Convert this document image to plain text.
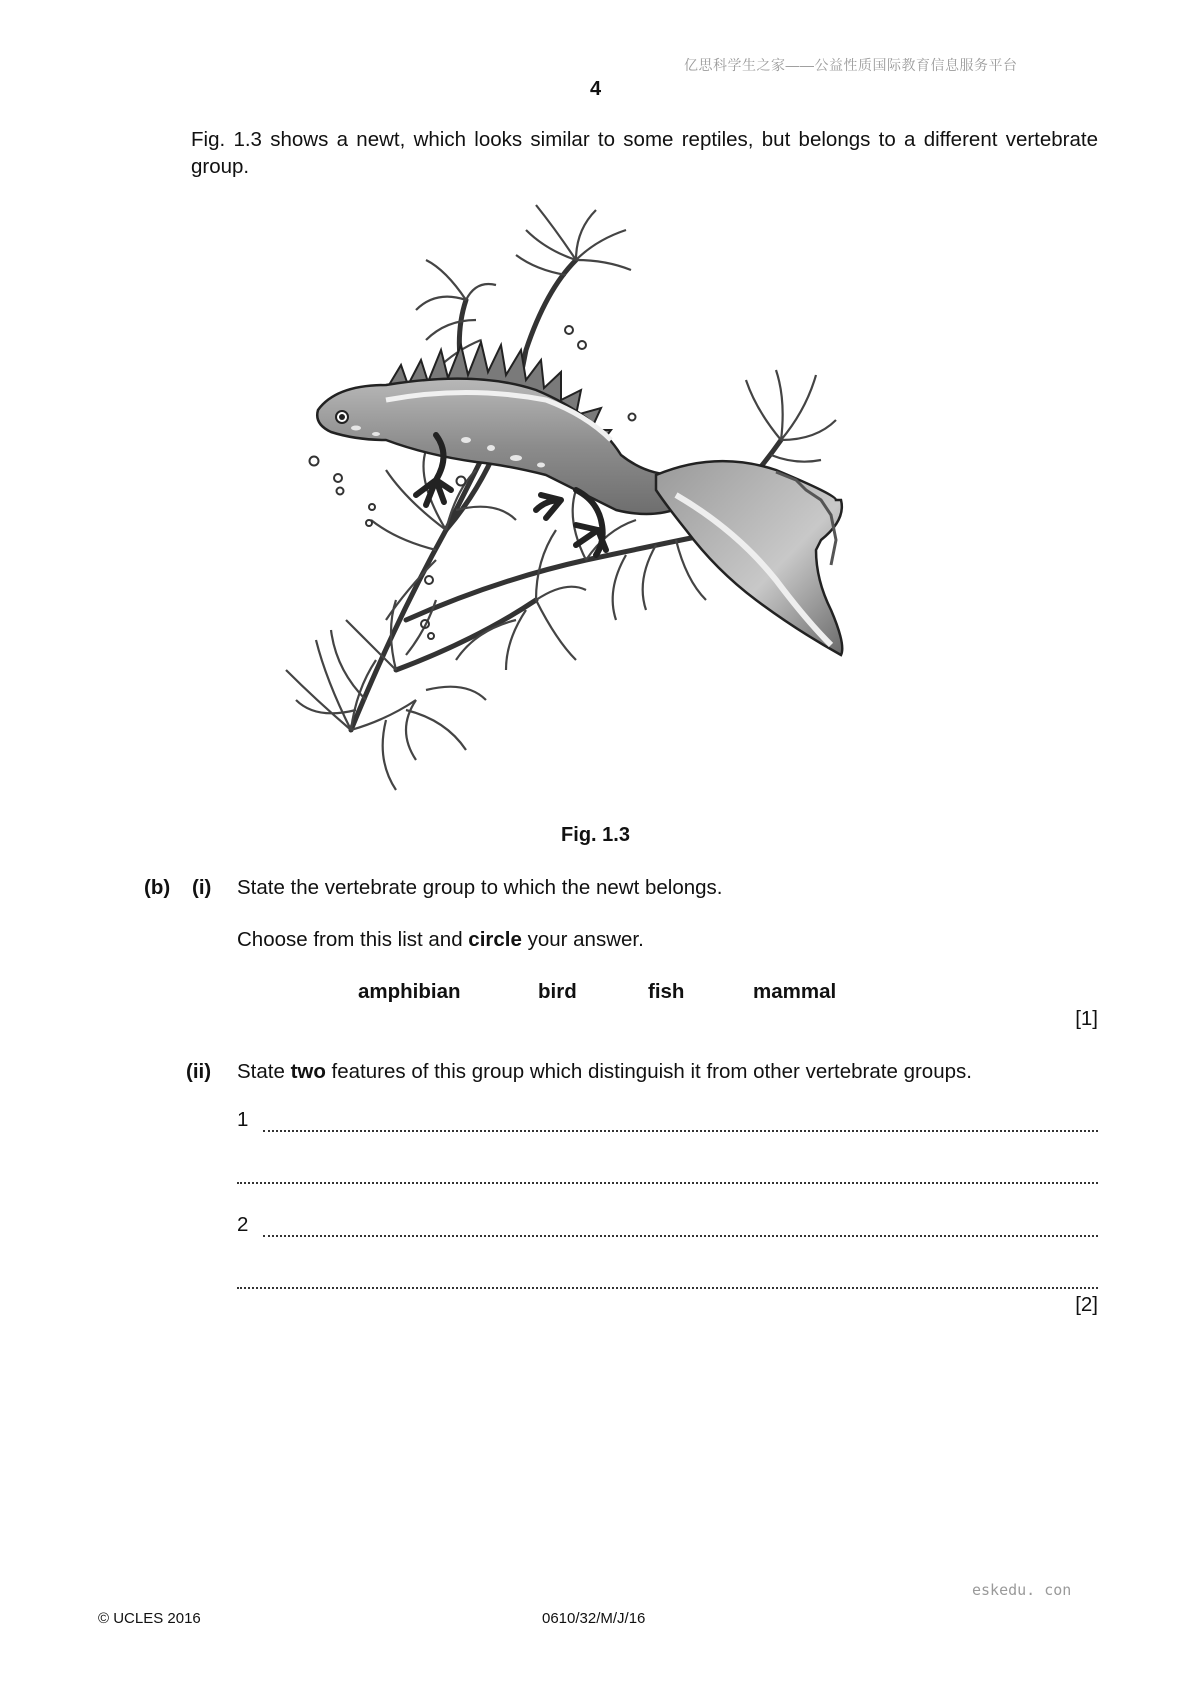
亿思科学生之家——公益性质国际教育信息服务平台
4
Fig. 1.3 shows a newt, which looks similar to some reptiles, but belongs to a different vertebrate group.
Fig. 1.3
(b) (i) State the vertebrate group to which the newt belongs.
Choose from this list and circle your answer.
amphibian	bird	fish	mammal
[1]
(ii) State two features of this group which distinguish it from other vertebrate groups.
1
2
[2]
eskedu. con
© UCLES 2016	0610/32/M/J/16
